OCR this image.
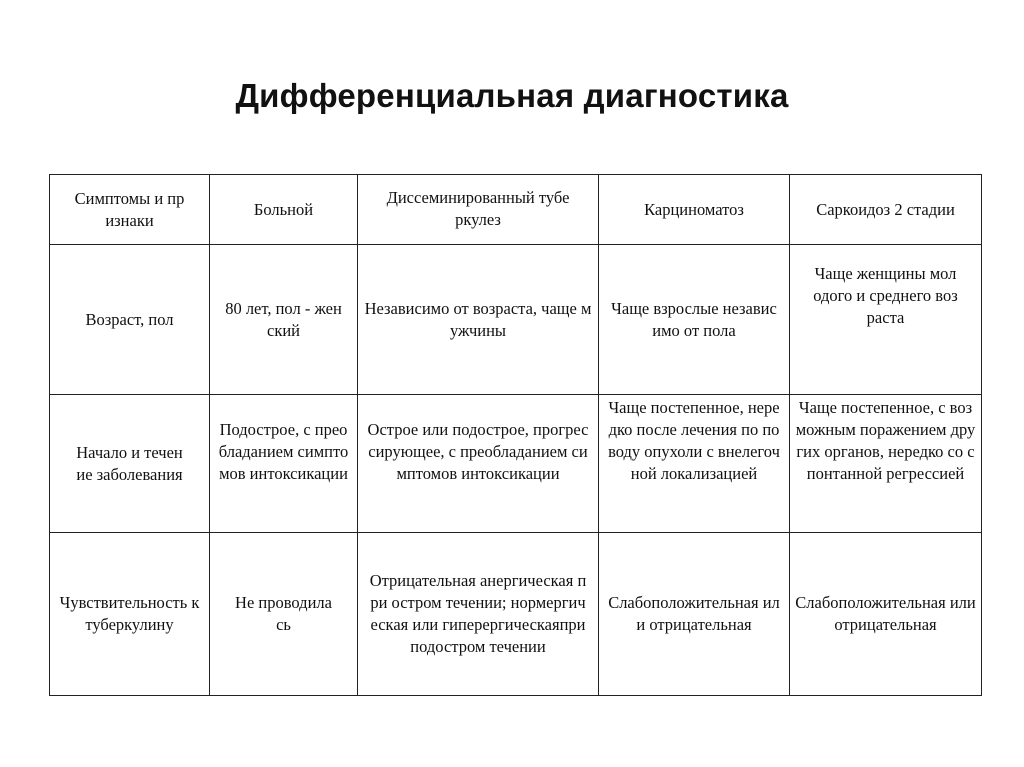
Дифференциальная диагностика
Симптомы и признаки	Больной	Диссеминированный туберкулез	Карциноматоз	Саркоидоз 2 стадии

Возраст, пол	80 лет, пол - женский	Независимо от возраста, чаще мужчины	Чаще взрослые независимо от пола	Чаще женщины молодого и среднего возраста

Начало и течение заболевания	Подострое, с преобладанием симптомов интоксикации	Острое или подострое, прогрессирующее, с преобладанием симптомов интоксикации	Чаще постепенное, нередко после лечения по поводу опухоли с внелегочной локализацией	Чаще постепенное, с возможным поражением других органов, нередко со спонтанной регрессией

Чувствительность к туберкулину	Не проводилась	Отрицательная анергическая при остром течении; нормергическая или гиперергическаяпри подостром течении	Слабоположительная или отрицательная	Слабоположительная или отрицательная
